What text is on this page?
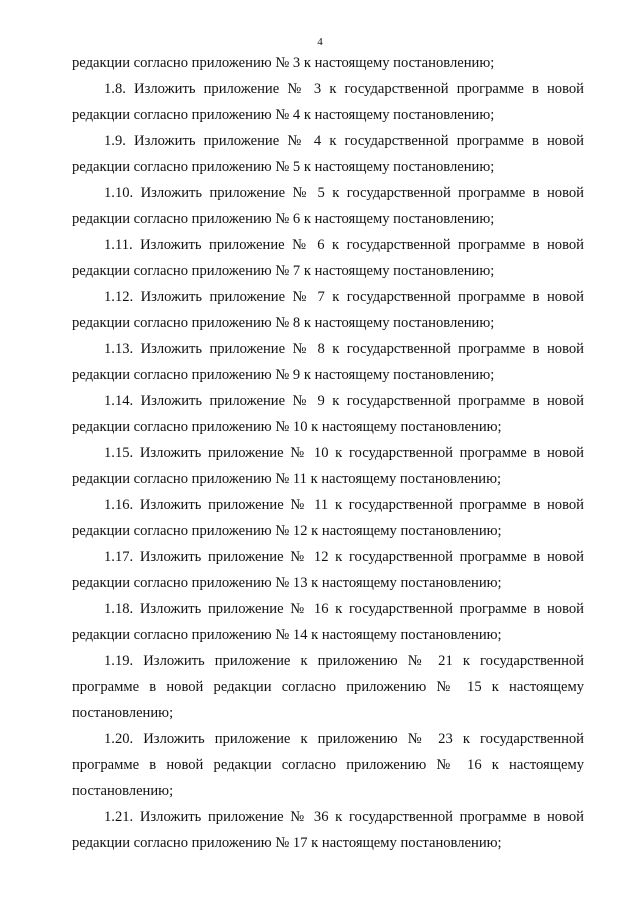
4

редакции согласно приложению № 3 к настоящему постановлению;

1.8. Изложить приложение № 3 к государственной программе в новой редакции согласно приложению № 4 к настоящему постановлению;

1.9. Изложить приложение № 4 к государственной программе в новой редакции согласно приложению № 5 к настоящему постановлению;

1.10. Изложить приложение № 5 к государственной программе в новой редакции согласно приложению № 6 к настоящему постановлению;

1.11. Изложить приложение № 6 к государственной программе в новой редакции согласно приложению № 7 к настоящему постановлению;

1.12. Изложить приложение № 7 к государственной программе в новой редакции согласно приложению № 8 к настоящему постановлению;

1.13. Изложить приложение № 8 к государственной программе в новой редакции согласно приложению № 9 к настоящему постановлению;

1.14. Изложить приложение № 9 к государственной программе в новой редакции согласно приложению № 10 к настоящему постановлению;

1.15. Изложить приложение № 10 к государственной программе в новой редакции согласно приложению № 11 к настоящему постановлению;

1.16. Изложить приложение № 11 к государственной программе в новой редакции согласно приложению № 12 к настоящему постановлению;

1.17. Изложить приложение № 12 к государственной программе в новой редакции согласно приложению № 13 к настоящему постановлению;

1.18. Изложить приложение № 16 к государственной программе в новой редакции согласно приложению № 14 к настоящему постановлению;

1.19. Изложить приложение к приложению № 21 к государственной программе в новой редакции согласно приложению № 15 к настоящему постановлению;

1.20. Изложить приложение к приложению № 23 к государственной программе в новой редакции согласно приложению № 16 к настоящему постановлению;

1.21. Изложить приложение № 36 к государственной программе в новой редакции согласно приложению № 17 к настоящему постановлению;
